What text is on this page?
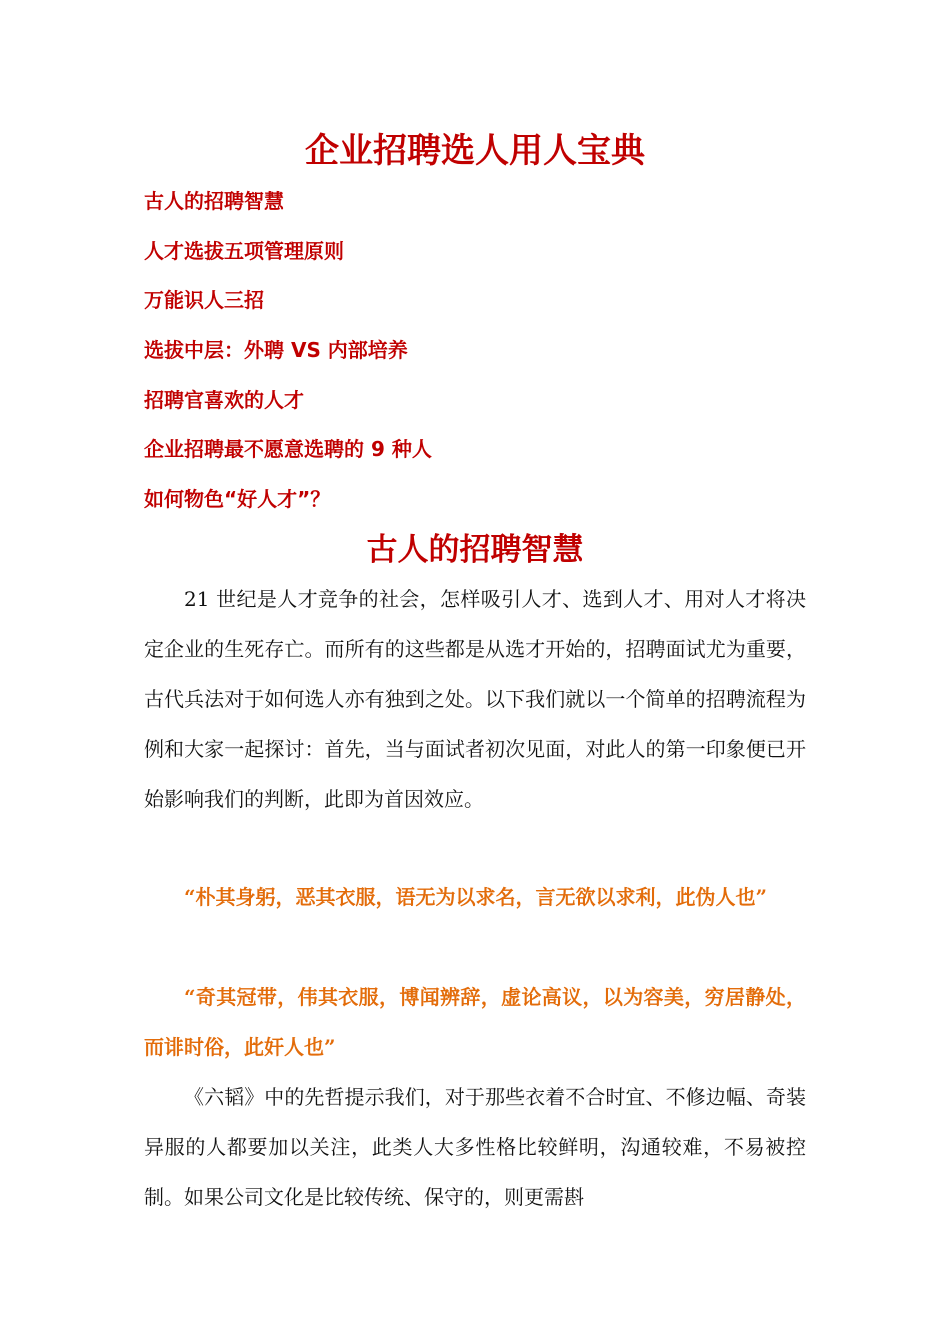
企业招聘选人用人宝典
古人的招聘智慧
人才选拔五项管理原则
万能识人三招
选拔中层：外聘 VS 内部培养
招聘官喜欢的人才
企业招聘最不愿意选聘的 9 种人
如何物色“好人才”？
古人的招聘智慧

21 世纪是人才竞争的社会，怎样吸引人才、选到人才、用对人才将决定企业的生死存亡。而所有的这些都是从选才开始的，招聘面试尤为重要，古代兵法对于如何选人亦有独到之处。以下我们就以一个简单的招聘流程为例和大家一起探讨：首先，当与面试者初次见面，对此人的第一印象便已开始影响我们的判断，此即为首因效应。

“朴其身躬，恶其衣服，语无为以求名，言无欲以求利，此伪人也”

“奇其冠带，伟其衣服，博闻辨辞，虚论高议，以为容美，穷居静处，而诽时俗，此奸人也”

《六韬》中的先哲提示我们，对于那些衣着不合时宜、不修边幅、奇装异服的人都要加以关注，此类人大多性格比较鲜明，沟通较难，不易被控制。如果公司文化是比较传统、保守的，则更需斟
